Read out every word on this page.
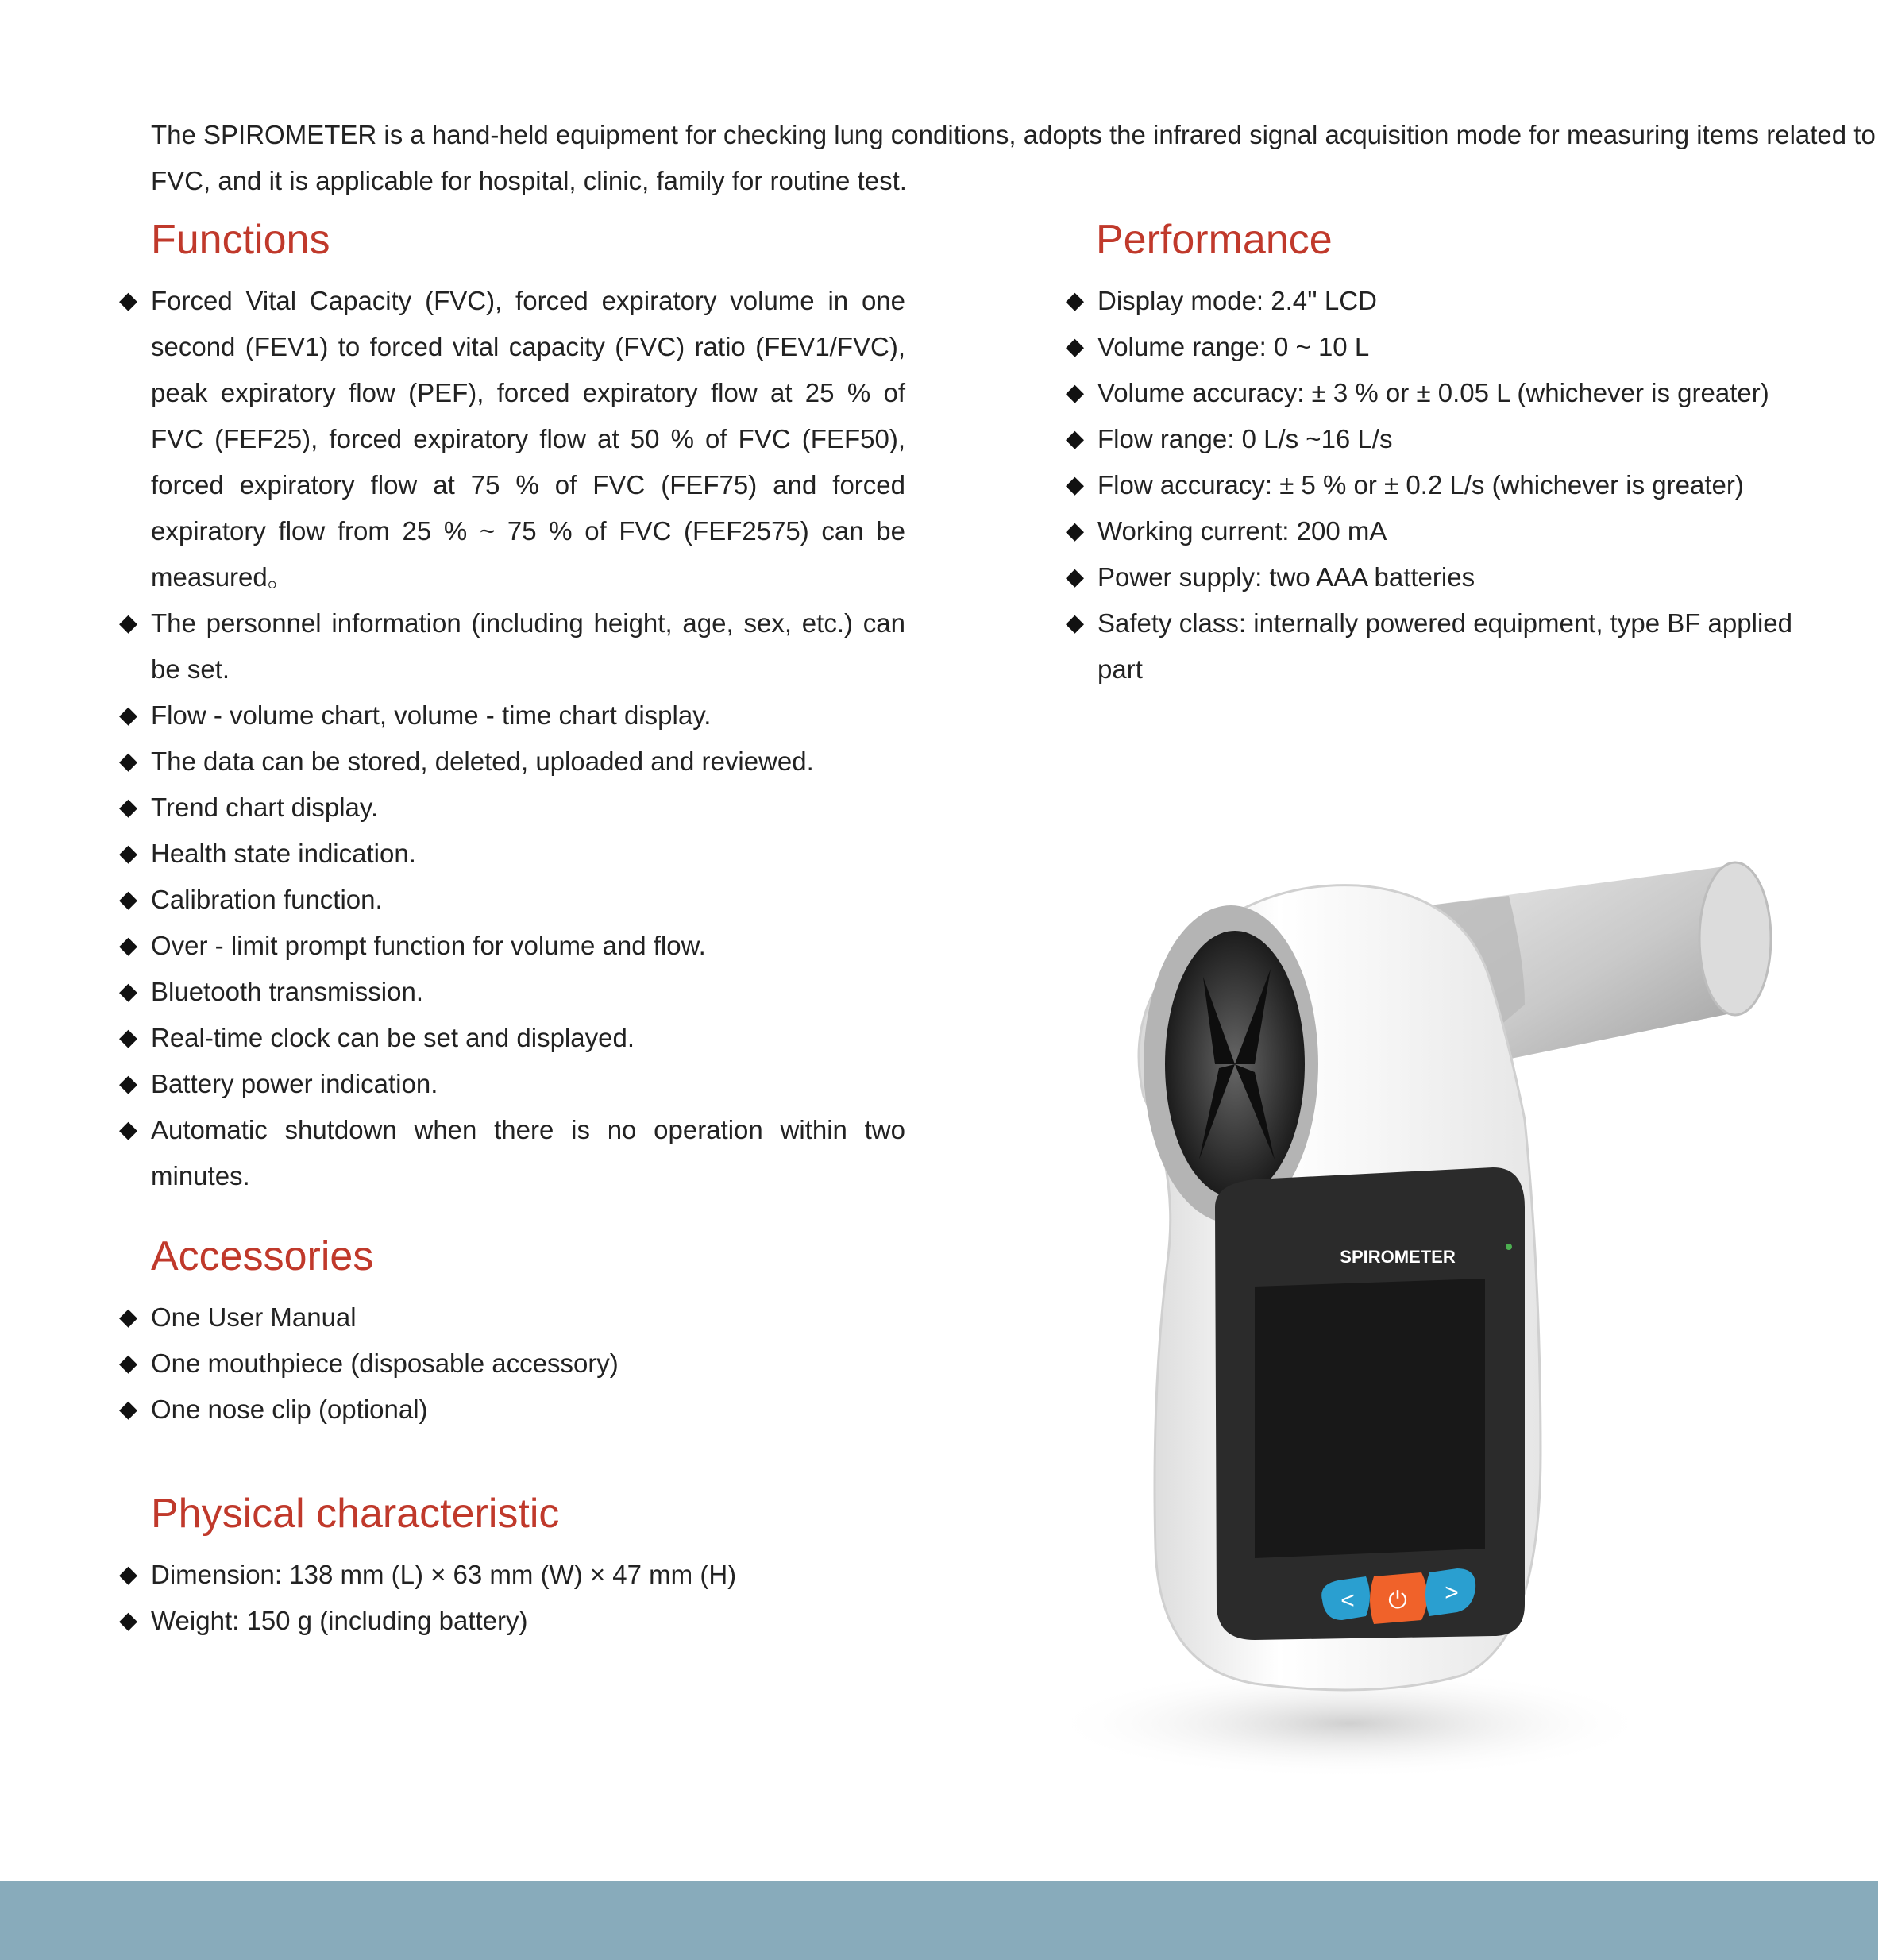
The SPIROMETER is a hand-held equipment for checking lung conditions, adopts the infrared signal acquisition mode for measuring items related to FVC, and it is applicable for hospital, clinic, family for routine test.

Functions
◆ Forced Vital Capacity (FVC), forced expiratory volume in one second (FEV1) to forced vital capacity (FVC) ratio (FEV1/FVC), peak expiratory flow (PEF), forced expiratory flow at 25 % of FVC (FEF25), forced expiratory flow at 50 % of FVC (FEF50), forced expiratory flow at 75 % of FVC (FEF75) and forced expiratory flow from 25 % ~ 75 % of FVC (FEF2575) can be measured。
◆ The personnel information (including height, age, sex, etc.) can be set.
◆ Flow - volume chart, volume - time chart display.
◆ The data can be stored, deleted, uploaded and reviewed.
◆ Trend chart display.
◆ Health state indication.
◆ Calibration function.
◆ Over - limit prompt function for volume and flow.
◆ Bluetooth transmission.
◆ Real-time clock can be set and displayed.
◆ Battery power indication.
◆ Automatic shutdown when there is no operation within two minutes.
Accessories
◆ One User Manual
◆ One mouthpiece (disposable accessory)
◆ One nose clip (optional)
Physical characteristic
◆ Dimension: 138 mm (L) × 63 mm (W) × 47 mm (H)
◆ Weight: 150 g (including battery)
Performance
◆ Display mode: 2.4'' LCD
◆ Volume range: 0 ~ 10 L
◆ Volume accuracy: ± 3 % or ± 0.05 L (whichever is greater)
◆ Flow range: 0 L/s ~16 L/s
◆ Flow accuracy: ± 5 % or ± 0.2 L/s (whichever is greater)
◆ Working current: 200 mA
◆ Power supply: two AAA batteries
◆ Safety class: internally powered equipment, type BF applied part
SPIROMETER
< ⏻ >
